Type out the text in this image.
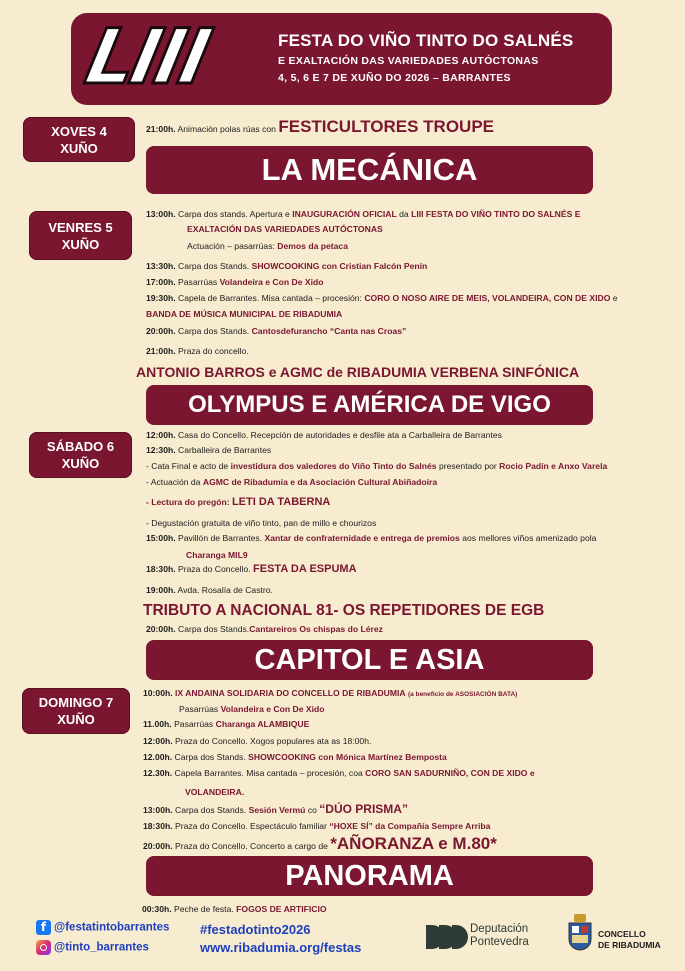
LIII	FESTA DO VIÑO TINTO DO SALNÉS
E EXALTACIÓN DAS VARIEDADES AUTÓCTONAS
4, 5, 6 E 7 DE XUÑO DO 2026 – BARRANTES
XOVES 4
XUÑO
21:00h. Animación polas rúas con FESTICULTORES TROUPE
LA MECÁNICA
VENRES 5
XUÑO
13:00h. Carpa dos stands. Apertura e INAUGURACIÓN OFICIAL da LIII FESTA DO VIÑO TINTO DO SALNÉS E
EXALTACIÓN DAS VARIEDADES AUTÓCTONAS
Actuación – pasarrúas: Demos da petaca
13:30h. Carpa dos Stands. SHOWCOOKING con Cristian Falcón Penín
17:00h. Pasarrúas Volandeira e Con De Xido
19:30h. Capela de Barrantes. Misa cantada – procesión: CORO O NOSO AIRE DE MEIS, VOLANDEIRA, CON DE XIDO e
BANDA DE MÚSICA MUNICIPAL DE RIBADUMIA
20:00h. Carpa dos Stands. Cantosdefurancho “Canta nas Croas”
21:00h. Praza do concello.
ANTONIO BARROS e AGMC de RIBADUMIA VERBENA SINFÓNICA
OLYMPUS E AMÉRICA DE VIGO
SÁBADO 6
XUÑO
12:00h. Casa do Concello. Recepción de autoridades e desfile ata a Carballeira de Barrantes
12:30h. Carballeira de Barrantes
- Cata Final e acto de investidura dos valedores do Viño Tinto do Salnés presentado por Rocio Padín e Anxo Varela
- Actuación da AGMC de Ribadumia e da Asociación Cultural Abiñadoira
- Lectura do pregón: LETI DA TABERNA
- Degustación gratuita de viño tinto, pan de millo e chourizos
15:00h. Pavillón de Barrantes. Xantar de confraternidade e entrega de premios aos mellores viños amenizado pola
Charanga MIL9
18:30h. Praza do Concello. FESTA DA ESPUMA
19:00h. Avda. Rosalía de Castro.
TRIBUTO A NACIONAL 81- OS REPETIDORES DE EGB
20:00h. Carpa dos Stands.Cantareiros Os chispas do Lérez
CAPITOL E ASIA
DOMINGO 7
XUÑO
10:00h. IX ANDAINA SOLIDARIA DO CONCELLO DE RIBADUMIA (a beneficio de ASOSIACIÓN BATA)
Pasarrúas Volandeira e Con De Xido
11.00h. Pasarrúas Charanga ALAMBIQUE
12:00h. Praza do Concello. Xogos populares ata as 18:00h.
12.00h. Carpa dos Stands. SHOWCOOKING con Mónica Martínez Bemposta
12.30h. Capela Barrantes. Misa cantada – procesión, coa CORO SAN SADURNIÑO, CON DE XIDO e
VOLANDEIRA.
13:00h. Carpa dos Stands. Sesión Vermú co “DÚO PRISMA”
18:30h. Praza do Concello. Espectáculo familiar “HOXE SÍ” da Compañía Sempre Arriba
20:00h. Praza do Concello. Concerto a cargo de *AÑORANZA e M.80*
PANORAMA
00:30h. Peche de festa. FOGOS DE ARTIFICIO
f @festatintobarrantes
@tinto_barrantes
#festadotinto2026
www.ribadumia.org/festas
Deputación
Pontevedra
CONCELLO
DE RIBADUMIA
